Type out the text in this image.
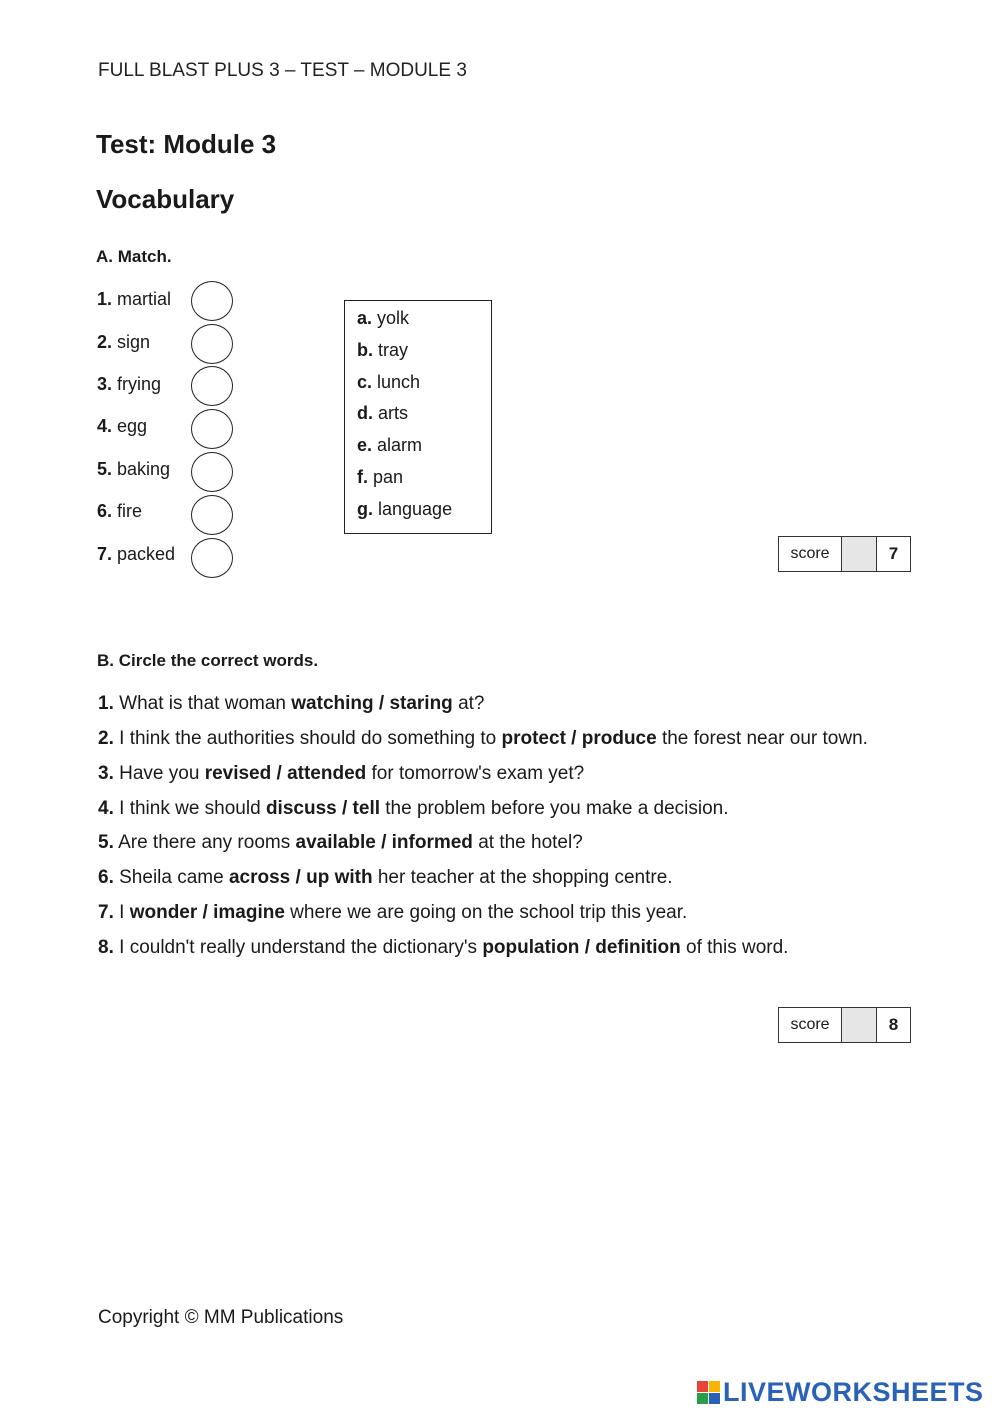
FULL BLAST PLUS 3 – TEST – MODULE 3
Test: Module 3
Vocabulary
A. Match.
1. martial
2. sign
3. frying
4. egg
5. baking
6. fire
7. packed
a. yolk
b. tray
c. lunch
d. arts
e. alarm
f. pan
g. language
score	7
B. Circle the correct words.
1. What is that woman watching / staring at?
2. I think the authorities should do something to protect / produce the forest near our town.
3. Have you revised / attended for tomorrow's exam yet?
4. I think we should discuss / tell the problem before you make a decision.
5. Are there any rooms available / informed at the hotel?
6. Sheila came across / up with her teacher at the shopping centre.
7. I wonder / imagine where we are going on the school trip this year.
8. I couldn't really understand the dictionary's population / definition of this word.
score	8
Copyright © MM Publications
LIVEWORKSHEETS
